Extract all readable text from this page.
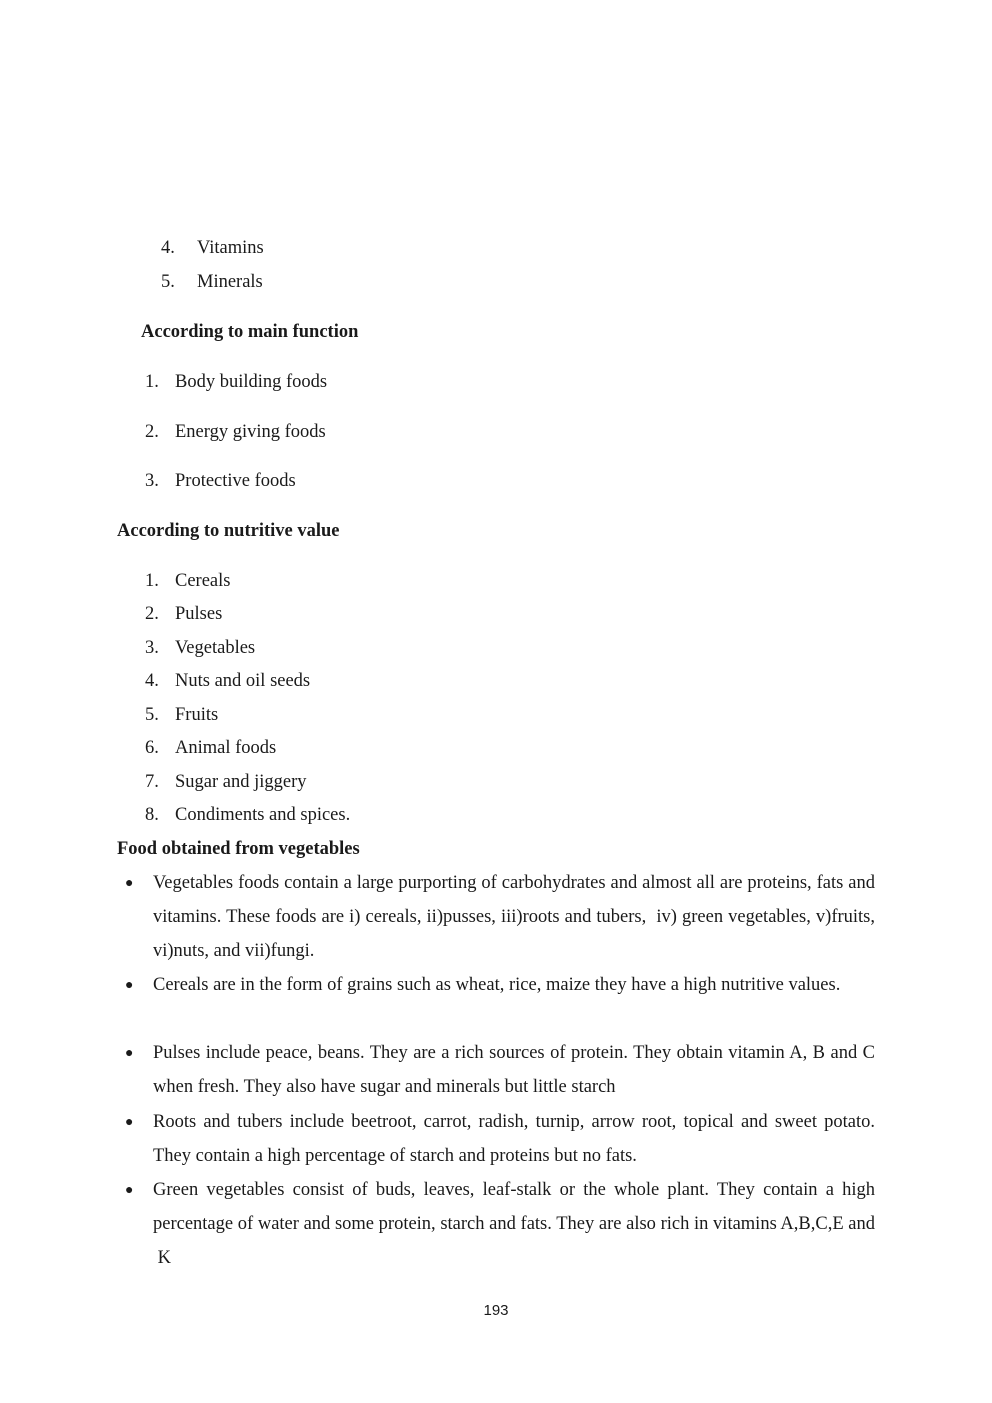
4. Vitamins
5. Minerals
According to main function
1. Body building foods
2. Energy giving foods
3. Protective foods
According to nutritive value
1. Cereals
2. Pulses
3. Vegetables
4. Nuts and oil seeds
5. Fruits
6. Animal foods
7. Sugar and jiggery
8. Condiments and spices.
Food obtained from vegetables
● Vegetables foods contain a large purporting of carbohydrates and almost all are proteins, fats and vitamins. These foods are i) cereals, ii)pusses, iii)roots and tubers,  iv) green vegetables, v)fruits, vi)nuts, and vii)fungi.
● Cereals are in the form of grains such as wheat, rice, maize they have a high nutritive values.
● Pulses include peace, beans. They are a rich sources of protein. They obtain vitamin A, B and C when fresh. They also have sugar and minerals but little starch
● Roots and tubers include beetroot, carrot, radish, turnip, arrow root, topical and sweet potato. They contain a high percentage of starch and proteins but no fats.
● Green vegetables consist of buds, leaves, leaf-stalk or the whole plant. They contain a high percentage of water and some protein, starch and fats. They are also rich in vitamins A,B,C,E and  K
193
